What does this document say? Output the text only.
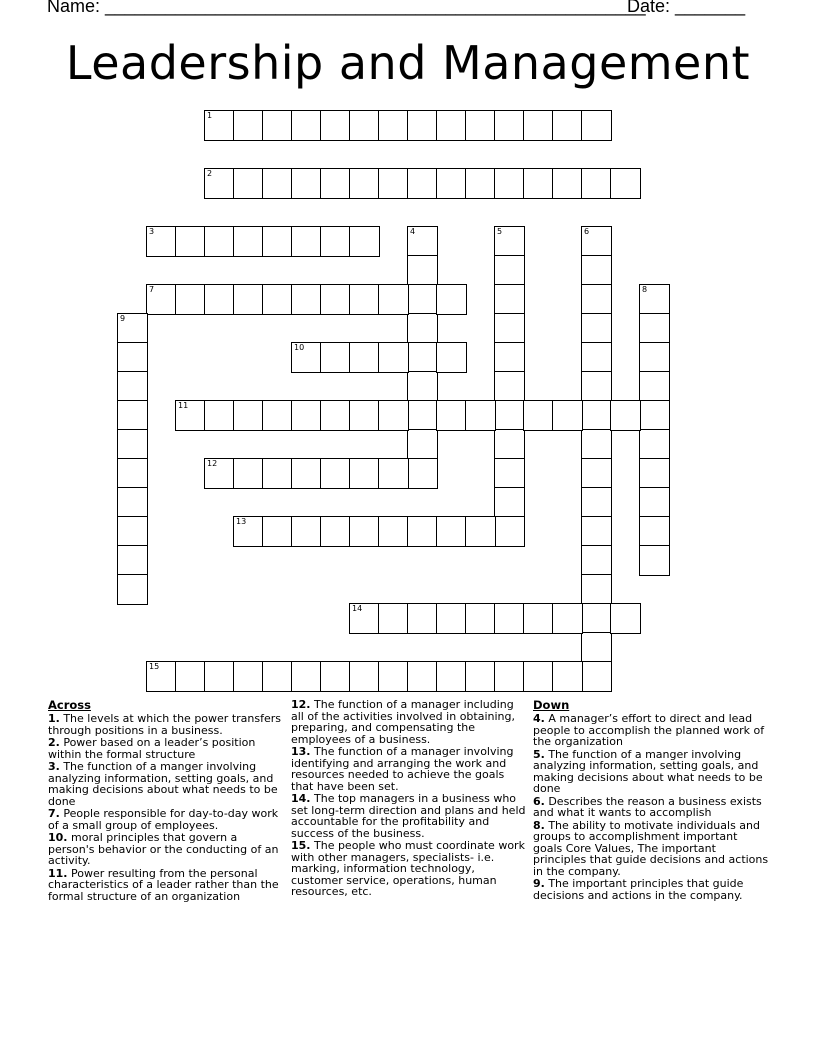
Name: ______________________________________________________
Date: _______
Leadership and Management
1
2
3	4	5	6
7	8
9
10
11
12
13
14
15
Across
1. The levels at which the power transfers through positions in a business.
2. Power based on a leader’s position within the formal structure
3. The function of a manger involving analyzing information, setting goals, and making decisions about what needs to be done
7. People responsible for day-to-day work of a small group of employees.
10. moral principles that govern a person's behavior or the conducting of an activity.
11. Power resulting from the personal characteristics of a leader rather than the formal structure of an organization
12. The function of a manager including all of the activities involved in obtaining, preparing, and compensating the employees of a business.
13. The function of a manager involving identifying and arranging the work and resources needed to achieve the goals that have been set.
14. The top managers in a business who set long-term direction and plans and held accountable for the profitability and success of the business.
15. The people who must coordinate work with other managers, specialists- i.e. marking, information technology, customer service, operations, human resources, etc.
Down
4. A manager’s effort to direct and lead people to accomplish the planned work of the organization
5. The function of a manger involving analyzing information, setting goals, and making decisions about what needs to be done
6. Describes the reason a business exists and what it wants to accomplish
8. The ability to motivate individuals and groups to accomplishment important goals Core Values, The important principles that guide decisions and actions in the company.
9. The important principles that guide decisions and actions in the company.
